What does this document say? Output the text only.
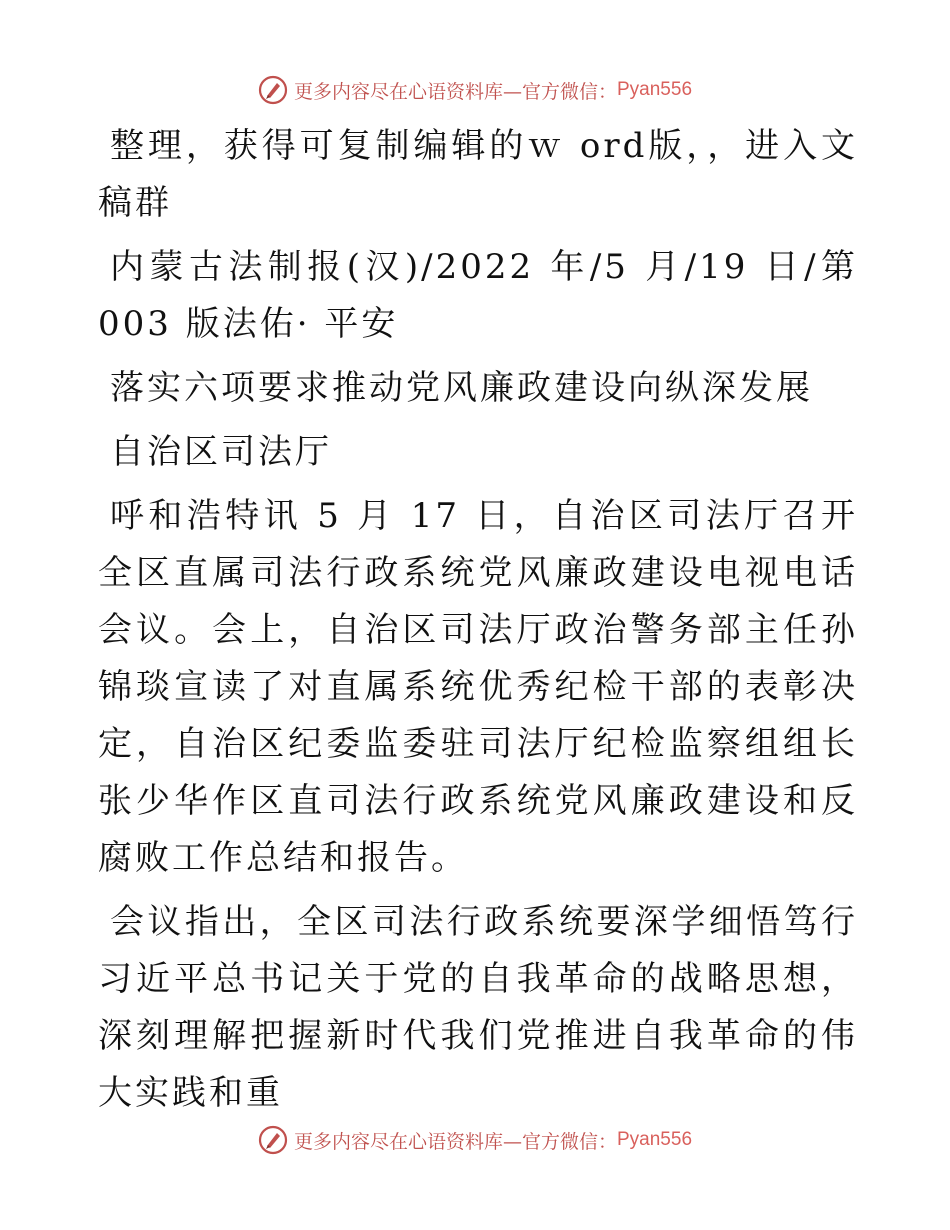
更多内容尽在心语资料库—官方微信： Pyan556

整理，获得可复制编辑的ｗ ord版，，进入文稿群

内蒙古法制报(汉)/2022 年/5 月/19 日/第 003 版法佑· 平安

落实六项要求推动党风廉政建设向纵深发展

自治区司法厅

呼和浩特讯 5 月 17 日，自治区司法厅召开全区直属司法行政系统党风廉政建设电视电话会议。会上，自治区司法厅政治警务部主任孙锦琰宣读了对直属系统优秀纪检干部的表彰决定，自治区纪委监委驻司法厅纪检监察组组长张少华作区直司法行政系统党风廉政建设和反腐败工作总结和报告。

会议指出，全区司法行政系统要深学细悟笃行习近平总书记关于党的自我革命的战略思想，深刻理解把握新时代我们党推进自我革命的伟大实践和重

更多内容尽在心语资料库—官方微信： Pyan556
